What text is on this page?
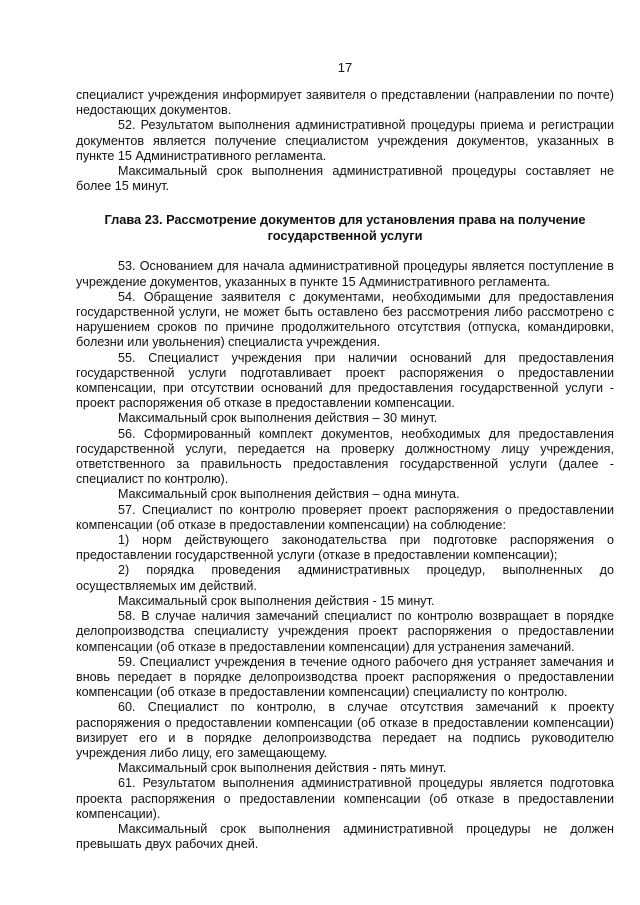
17

специалист учреждения информирует заявителя о представлении (направлении по почте) недостающих документов.

52. Результатом выполнения административной процедуры приема и регистрации документов является получение специалистом учреждения документов, указанных в пункте 15 Административного регламента.

Максимальный срок выполнения административной процедуры составляет не более 15 минут.

Глава 23. Рассмотрение документов для установления права на получение государственной услуги

53. Основанием для начала административной процедуры является поступление в учреждение документов, указанных в пункте 15 Административного регламента.

54. Обращение заявителя с документами, необходимыми для предоставления государственной услуги, не может быть оставлено без рассмотрения либо рассмотрено с нарушением сроков по причине продолжительного отсутствия (отпуска, командировки, болезни или увольнения) специалиста учреждения.

55. Специалист учреждения при наличии оснований для предоставления государственной услуги подготавливает проект распоряжения о предоставлении компенсации, при отсутствии оснований для предоставления государственной услуги - проект распоряжения об отказе в предоставлении компенсации.

Максимальный срок выполнения действия – 30 минут.

56. Сформированный комплект документов, необходимых для предоставления государственной услуги, передается на проверку должностному лицу учреждения, ответственного за правильность предоставления государственной услуги (далее - специалист по контролю).

Максимальный срок выполнения действия – одна минута.

57. Специалист по контролю проверяет проект распоряжения о предоставлении компенсации (об отказе в предоставлении компенсации) на соблюдение:

1) норм действующего законодательства при подготовке распоряжения о предоставлении государственной услуги (отказе в предоставлении компенсации);

2) порядка проведения административных процедур, выполненных до осуществляемых им действий.

Максимальный срок выполнения действия - 15 минут.

58. В случае наличия замечаний специалист по контролю возвращает в порядке делопроизводства специалисту учреждения проект распоряжения о предоставлении компенсации (об отказе в предоставлении компенсации) для устранения замечаний.

59. Специалист учреждения в течение одного рабочего дня устраняет замечания и вновь передает в порядке делопроизводства проект распоряжения о предоставлении компенсации (об отказе в предоставлении компенсации) специалисту по контролю.

60. Специалист по контролю, в случае отсутствия замечаний к проекту распоряжения о предоставлении компенсации (об отказе в предоставлении компенсации) визирует его и в порядке делопроизводства передает на подпись руководителю учреждения либо лицу, его замещающему.

Максимальный срок выполнения действия - пять минут.

61. Результатом выполнения административной процедуры является подготовка проекта распоряжения о предоставлении компенсации (об отказе в предоставлении компенсации).

Максимальный срок выполнения административной процедуры не должен превышать двух рабочих дней.
